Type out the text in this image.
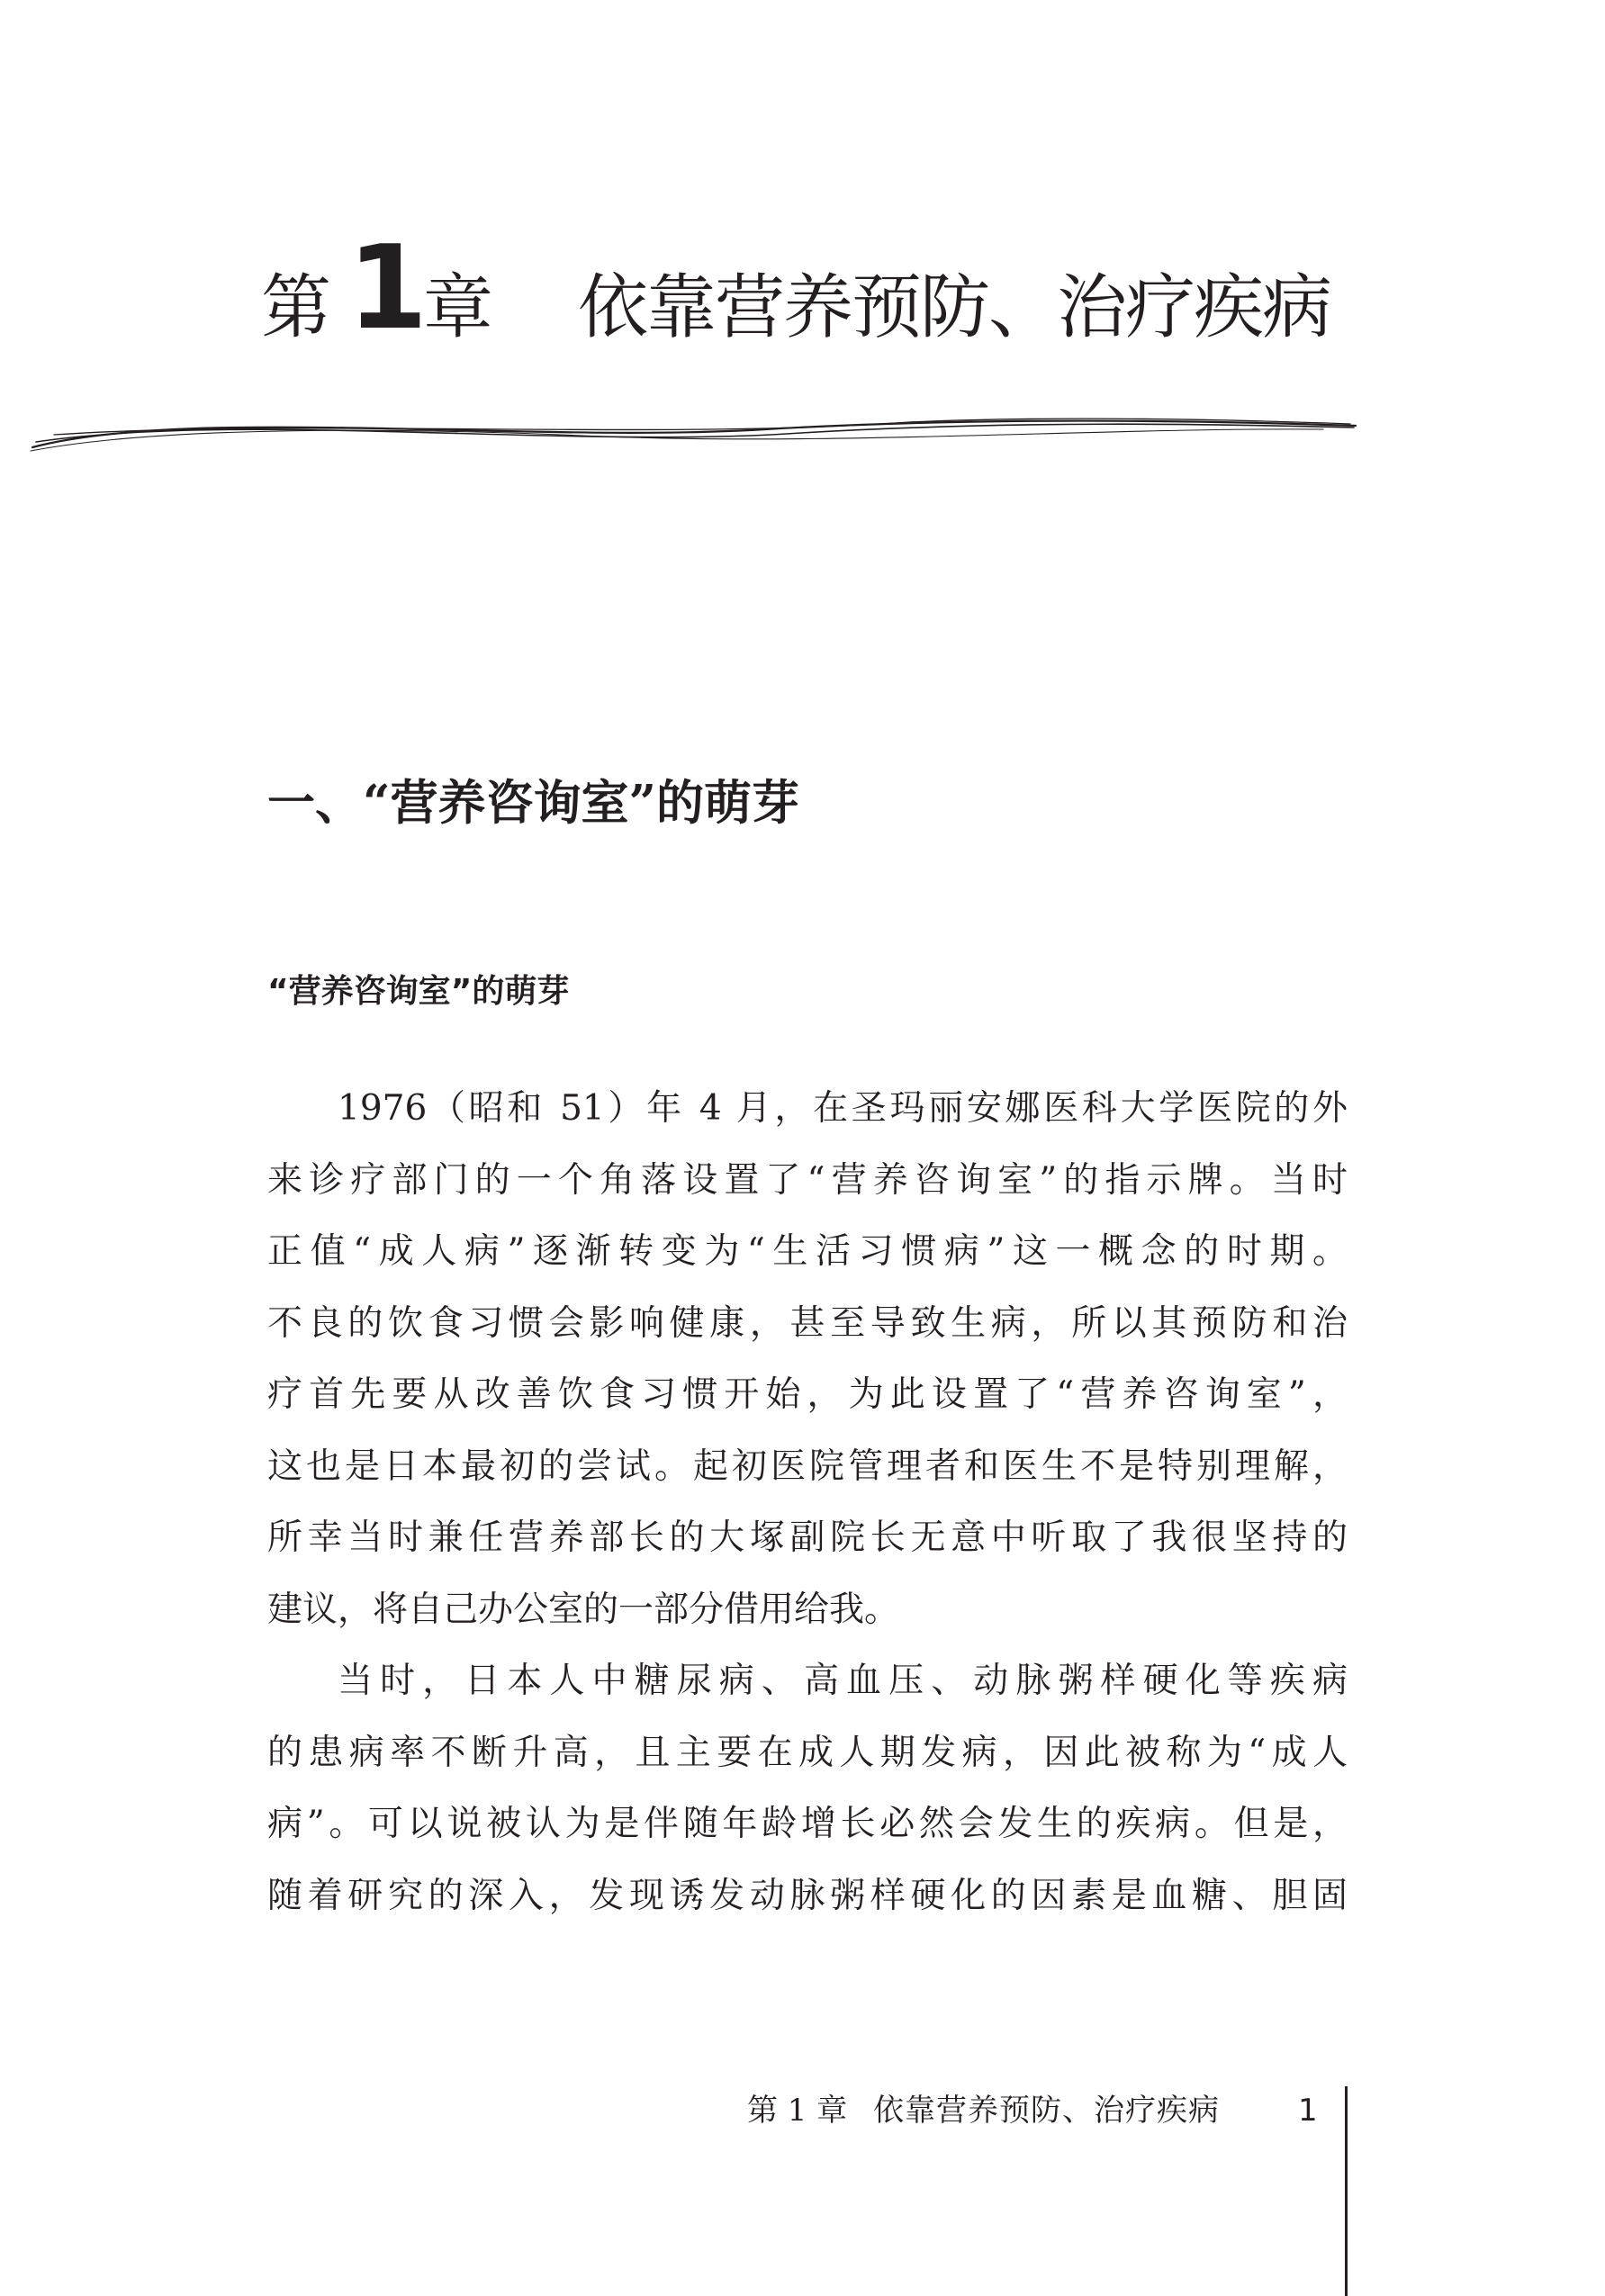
第 1
章 依靠营养预防、治疗疾病
一、“营养咨询室”的萌芽
“营养咨询室”的萌芽
1976（昭和 51）年 4 月，在圣玛丽安娜医科大学医院的外
来诊疗部门的一个角落设置了“营养咨询室”的指示牌。当时
正值“成人病”逐渐转变为“生活习惯病”这一概念的时期。
不良的饮食习惯会影响健康，甚至导致生病，所以其预防和治
疗首先要从改善饮食习惯开始，为此设置了“营养咨询室”，
这也是日本最初的尝试。起初医院管理者和医生不是特别理解，
所幸当时兼任营养部长的大塚副院长无意中听取了我很坚持的
建议，将自己办公室的一部分借用给我。
当时，日本人中糖尿病、高血压、动脉粥样硬化等疾病
的患病率不断升高，且主要在成人期发病，因此被称为“成人
病”。可以说被认为是伴随年龄增长必然会发生的疾病。但是，
随着研究的深入，发现诱发动脉粥样硬化的因素是血糖、胆固
第 1 章 依靠营养预防、治疗疾病	1
